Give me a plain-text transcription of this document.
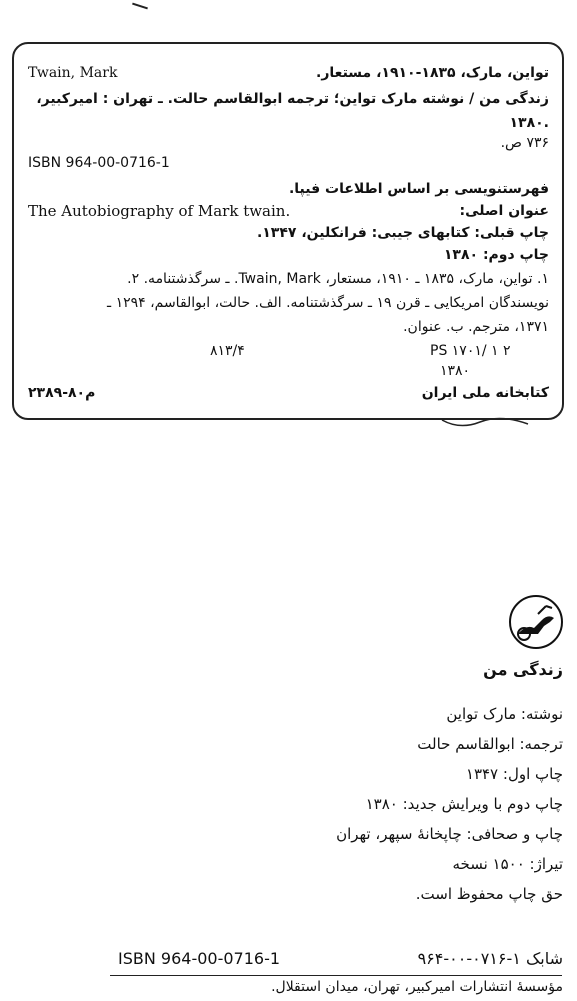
Twain, Mark	تواین، مارک، ۱۸۳۵-۱۹۱۰، مستعار.
زندگی من / نوشته مارک تواین؛ ترجمه ابوالقاسم حالت. ـ تهران : امیرکبیر،
۱۳۸۰.
۷۳۶ ص.
ISBN 964-00-0716-1
فهرستنویسی بر اساس اطلاعات فیپا.
The Autobiography of Mark twain.	عنوان اصلی:
چاپ قبلی: کتابهای جیبی: فرانکلین، ۱۳۴۷.
چاپ دوم: ۱۳۸۰
۱. تواین، مارک، ۱۸۳۵ ـ ۱۹۱۰، مستعار، Twain, Mark. ـ سرگذشتنامه. ۲.
نویسندگان امریکایی ـ قرن ۱۹ ـ سرگذشتنامه. الف. حالت، ابوالقاسم، ۱۲۹۴ ـ
۱۳۷۱، مترجم. ب. عنوان.
۸۱۳/۴	PS ۱۷۰۱/ ۱ ۲
۱۳۸۰
م۸۰-۲۳۸۹	کتابخانه ملی ایران
زندگی من
نوشته: مارک تواین
ترجمه: ابوالقاسم حالت
چاپ اول: ۱۳۴۷
چاپ دوم با ویرایش جدید: ۱۳۸۰
چاپ و صحافی: چاپخانهٔ سپهر، تهران
تیراژ: ۱۵۰۰ نسخه
حق چاپ محفوظ است.
ISBN 964-00-0716-1	شابک ۱-۰۷۱۶-۰۰-۹۶۴
مؤسسهٔ انتشارات امیرکبیر، تهران، میدان استقلال.
